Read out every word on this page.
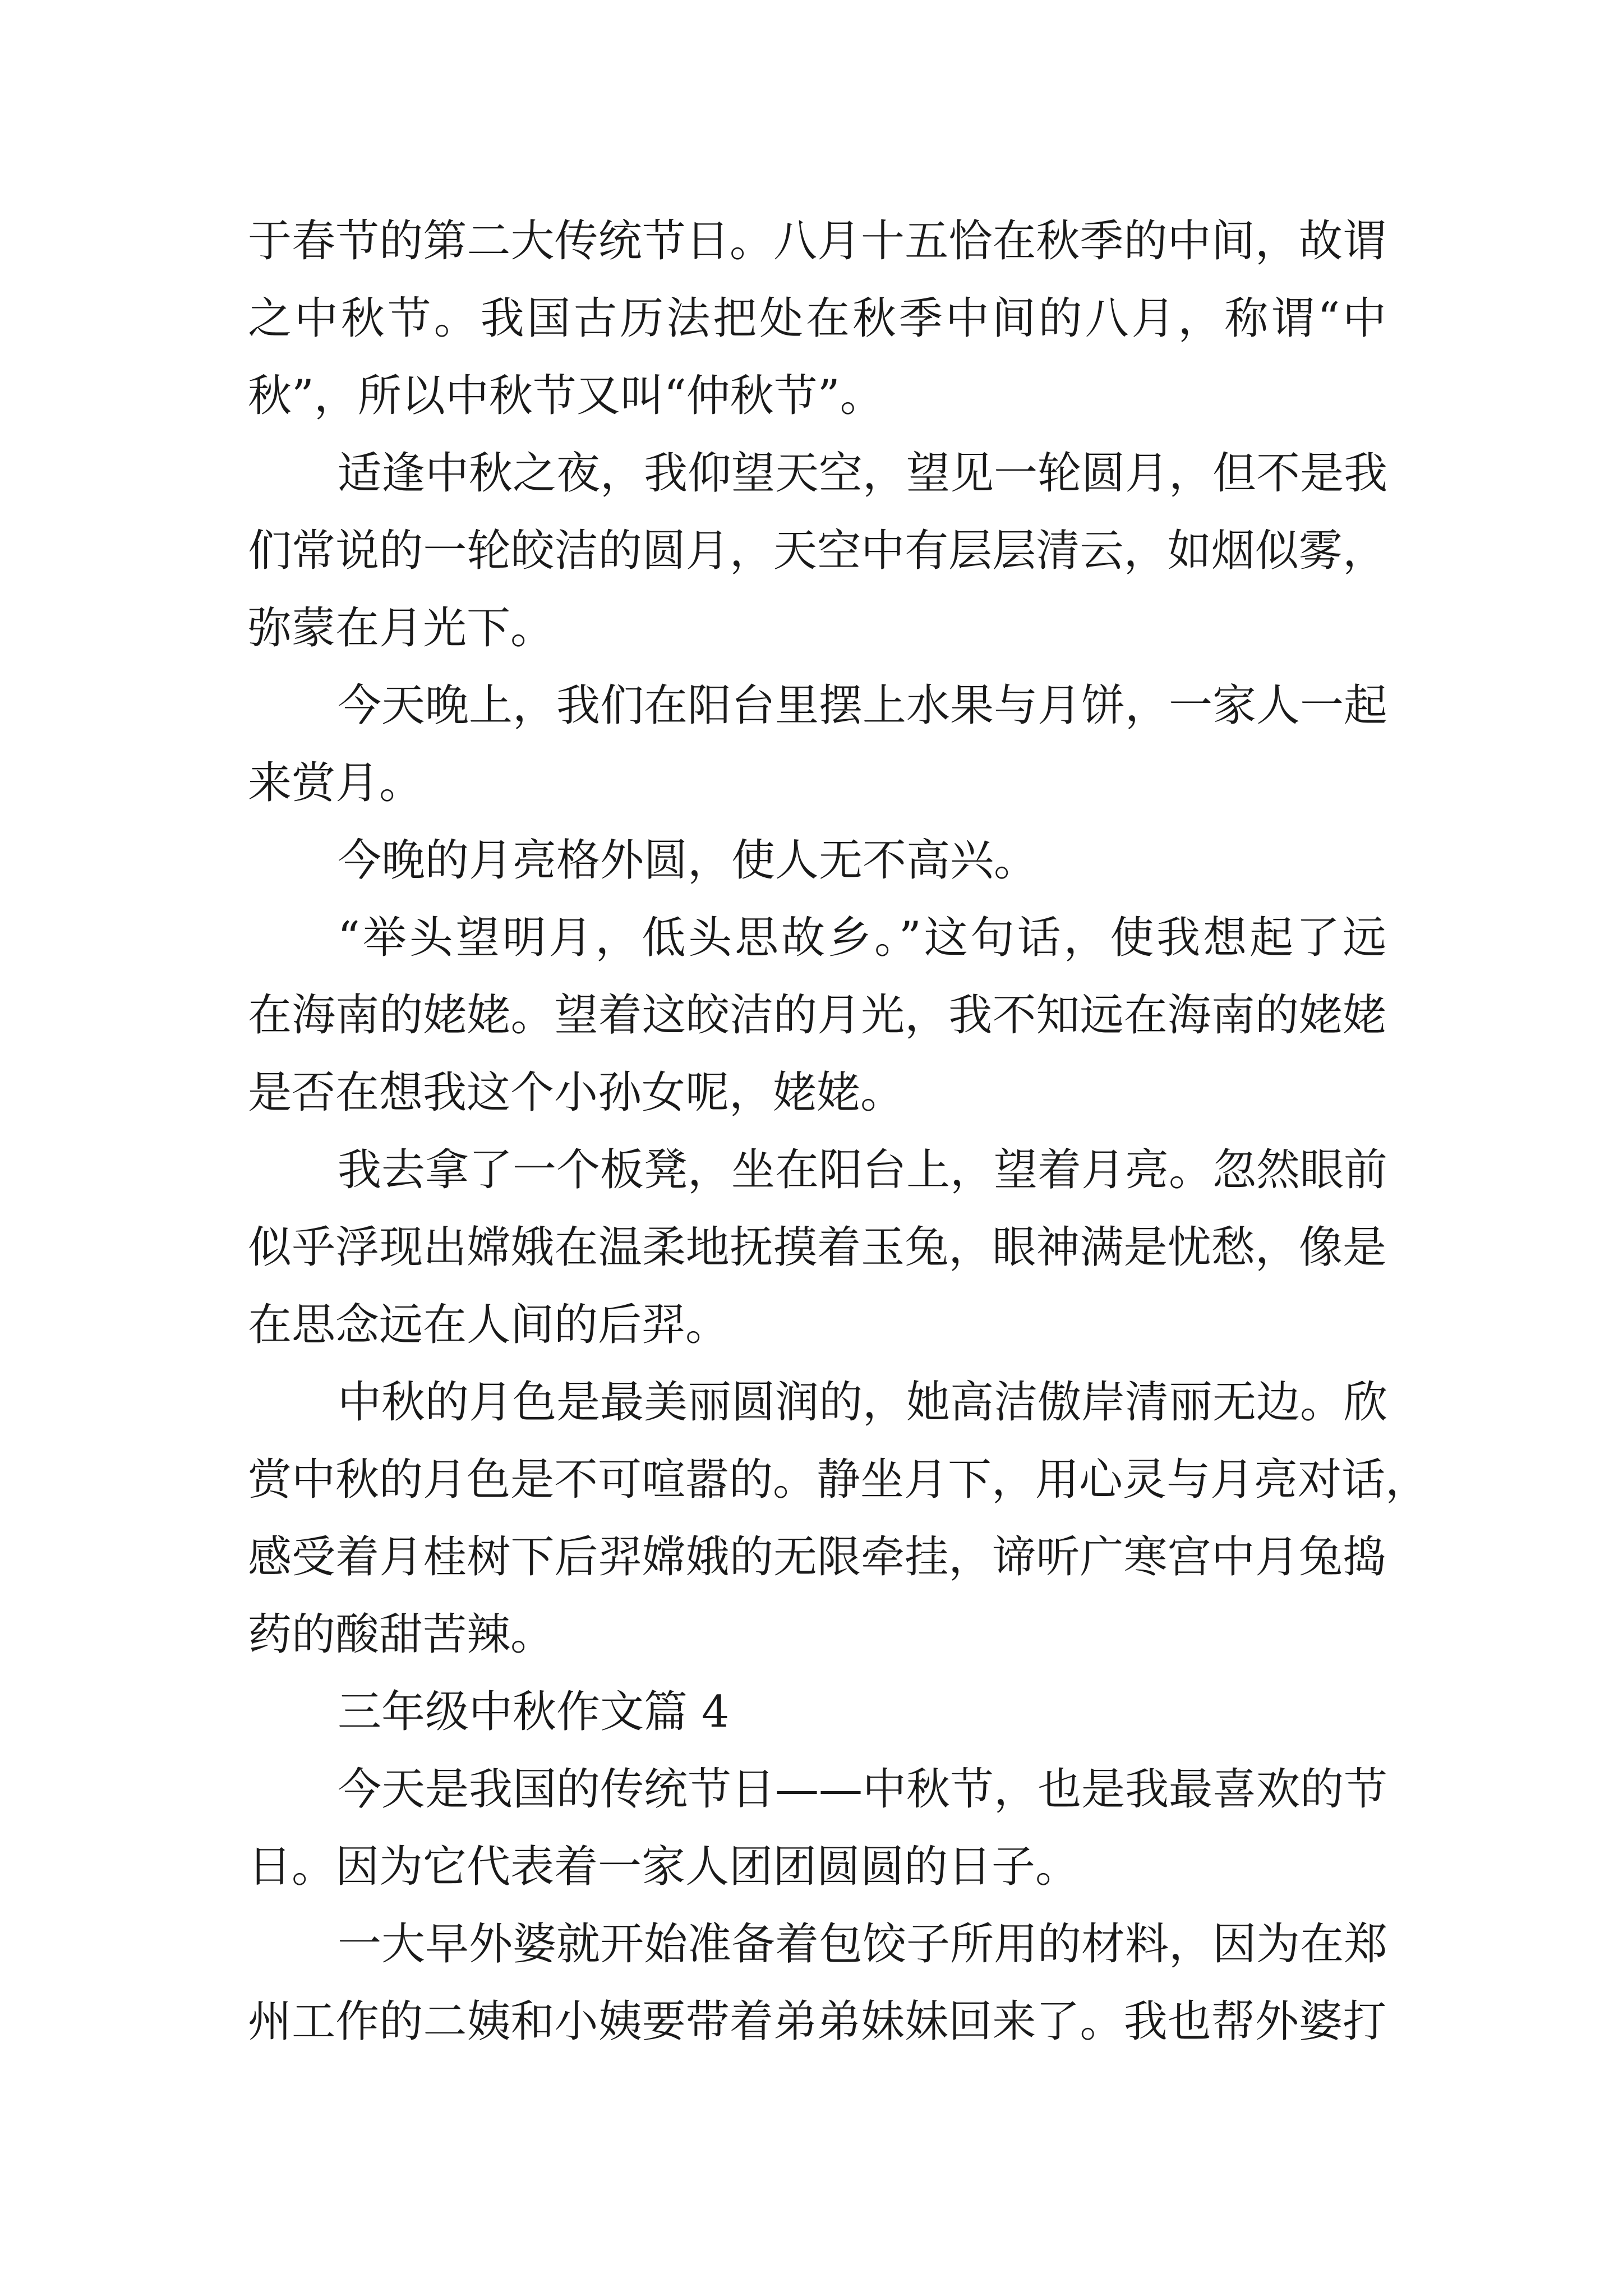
于春节的第二大传统节日。八月十五恰在秋季的中间，故谓
之中秋节。我国古历法把处在秋季中间的八月，称谓“中
秋”，所以中秋节又叫“仲秋节”。
适逢中秋之夜，我仰望天空，望见一轮圆月，但不是我
们常说的一轮皎洁的圆月，天空中有层层清云，如烟似雾，
弥蒙在月光下。
今天晚上，我们在阳台里摆上水果与月饼，一家人一起
来赏月。
今晚的月亮格外圆，使人无不高兴。
“举头望明月，低头思故乡。”这句话，使我想起了远
在海南的姥姥。望着这皎洁的月光，我不知远在海南的姥姥
是否在想我这个小孙女呢，姥姥。
我去拿了一个板凳，坐在阳台上，望着月亮。忽然眼前
似乎浮现出嫦娥在温柔地抚摸着玉兔，眼神满是忧愁，像是
在思念远在人间的后羿。
中秋的月色是最美丽圆润的，她高洁傲岸清丽无边。欣
赏中秋的月色是不可喧嚣的。静坐月下，用心灵与月亮对话，
感受着月桂树下后羿嫦娥的无限牵挂，谛听广寒宫中月兔捣
药的酸甜苦辣。
三年级中秋作文篇 4
今天是我国的传统节日——中秋节，也是我最喜欢的节
日。因为它代表着一家人团团圆圆的日子。
一大早外婆就开始准备着包饺子所用的材料，因为在郑
州工作的二姨和小姨要带着弟弟妹妹回来了。我也帮外婆打
